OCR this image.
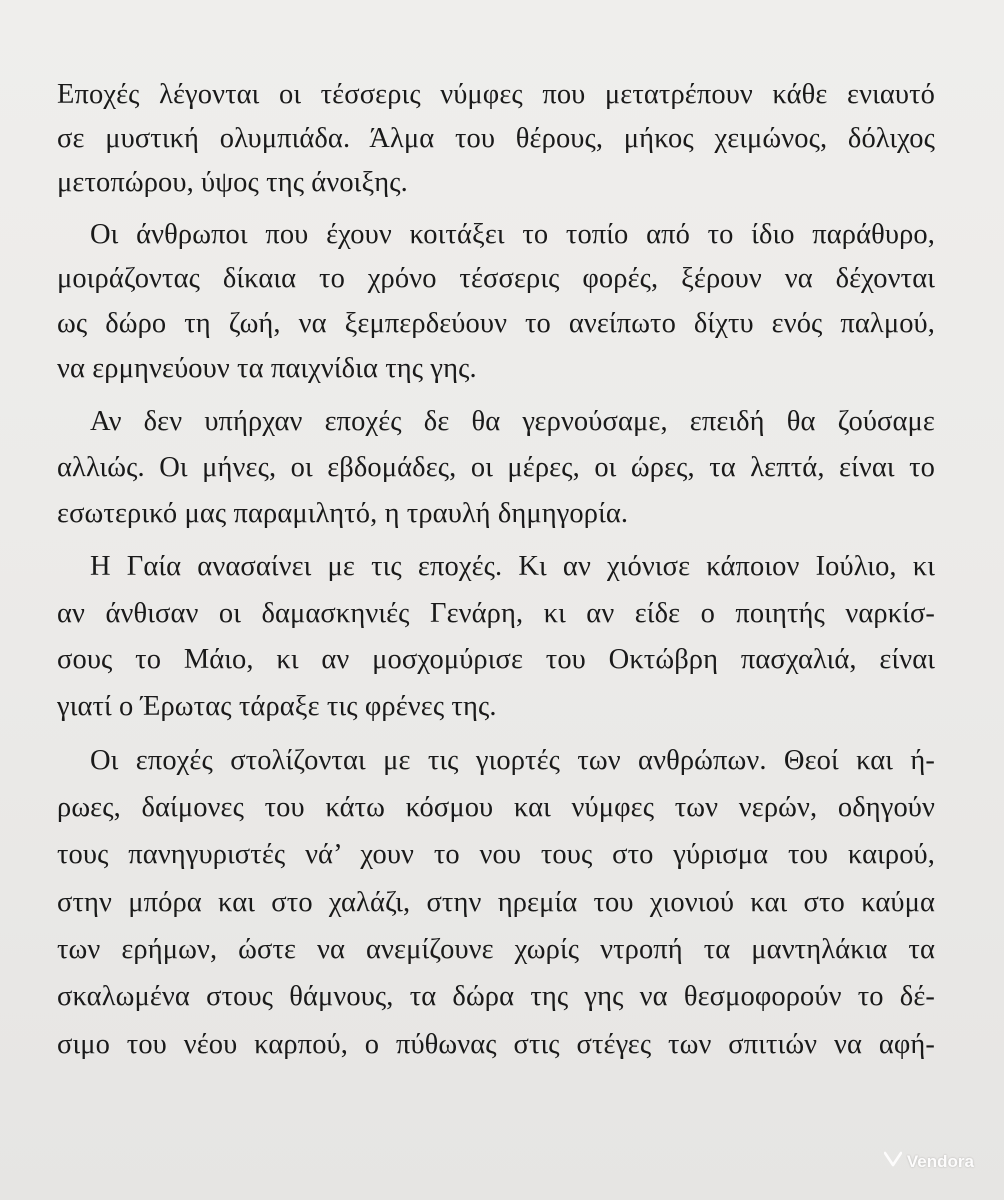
Εποχές λέγονται οι τέσσερις νύμφες που μετατρέπουν κάθε ενιαυτό
σε μυστική ολυμπιάδα. Άλμα του θέρους, μήκος χειμώνος, δόλιχος
μετοπώρου, ύψος της άνοιξης.
Οι άνθρωποι που έχουν κοιτάξει το τοπίο από το ίδιο παράθυρο,
μοιράζοντας δίκαια το χρόνο τέσσερις φορές, ξέρουν να δέχονται
ως δώρο τη ζωή, να ξεμπερδεύουν το ανείπωτο δίχτυ ενός παλμού,
να ερμηνεύουν τα παιχνίδια της γης.
Αν δεν υπήρχαν εποχές δε θα γερνούσαμε, επειδή θα ζούσαμε
αλλιώς. Οι μήνες, οι εβδομάδες, οι μέρες, οι ώρες, τα λεπτά, είναι το
εσωτερικό μας παραμιλητό, η τραυλή δημηγορία.
Η Γαία ανασαίνει με τις εποχές. Κι αν χιόνισε κάποιον Ιούλιο, κι
αν άνθισαν οι δαμασκηνιές Γενάρη, κι αν είδε ο ποιητής ναρκίσ-
σους το Μάιο, κι αν μοσχομύρισε του Οκτώβρη πασχαλιά, είναι
γιατί ο Έρωτας τάραξε τις φρένες της.
Οι εποχές στολίζονται με τις γιορτές των ανθρώπων. Θεοί και ή-
ρωες, δαίμονες του κάτω κόσμου και νύμφες των νερών, οδηγούν
τους πανηγυριστές νά’ χουν το νου τους στο γύρισμα του καιρού,
στην μπόρα και στο χαλάζι, στην ηρεμία του χιονιού και στο καύμα
των ερήμων, ώστε να ανεμίζουνε χωρίς ντροπή τα μαντηλάκια τα
σκαλωμένα στους θάμνους, τα δώρα της γης να θεσμοφορούν το δέ-
σιμο του νέου καρπού, ο πύθωνας στις στέγες των σπιτιών να αφή-
Vendora
